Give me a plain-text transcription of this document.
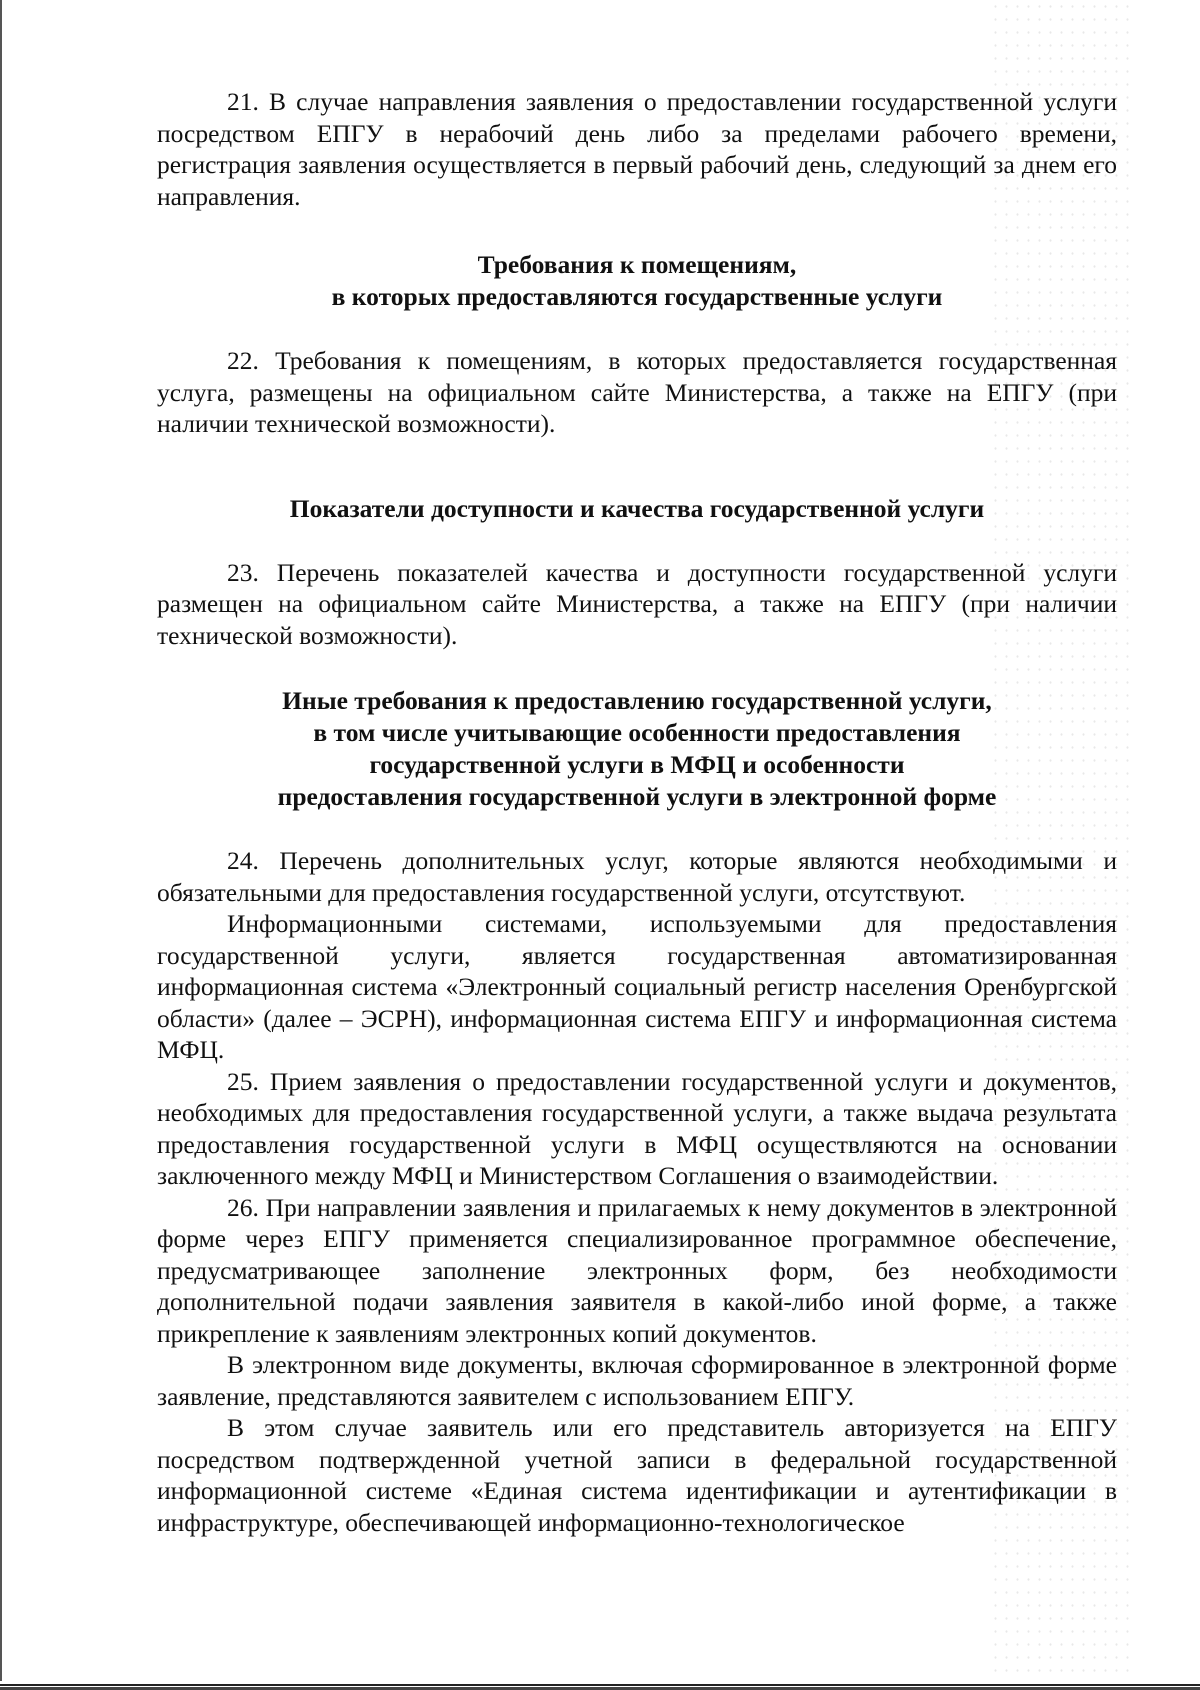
21. В случае направления заявления о предоставлении государственной услуги посредством ЕПГУ в нерабочий день либо за пределами рабочего времени, регистрация заявления осуществляется в первый рабочий день, следующий за днем его направления.

Требования к помещениям,
в которых предоставляются государственные услуги

22. Требования к помещениям, в которых предоставляется государственная услуга, размещены на официальном сайте Министерства, а также на ЕПГУ (при наличии технической возможности).

Показатели доступности и качества государственной услуги

23. Перечень показателей качества и доступности государственной услуги размещен на официальном сайте Министерства, а также на ЕПГУ (при наличии технической возможности).

Иные требования к предоставлению государственной услуги,
в том числе учитывающие особенности предоставления
государственной услуги в МФЦ и особенности
предоставления государственной услуги в электронной форме

24. Перечень дополнительных услуг, которые являются необходимыми и обязательными для предоставления государственной услуги, отсутствуют.

Информационными системами, используемыми для предоставления государственной услуги, является государственная автоматизированная информационная система «Электронный социальный регистр населения Оренбургской области» (далее – ЭСРН), информационная система ЕПГУ и информационная система МФЦ.

25. Прием заявления о предоставлении государственной услуги и документов, необходимых для предоставления государственной услуги, а также выдача результата предоставления государственной услуги в МФЦ осуществляются на основании заключенного между МФЦ и Министерством Соглашения о взаимодействии.

26. При направлении заявления и прилагаемых к нему документов в электронной форме через ЕПГУ применяется специализированное программное обеспечение, предусматривающее заполнение электронных форм, без необходимости дополнительной подачи заявления заявителя в какой-либо иной форме, а также прикрепление к заявлениям электронных копий документов.

В электронном виде документы, включая сформированное в электронной форме заявление, представляются заявителем с использованием ЕПГУ.

В этом случае заявитель или его представитель авторизуется на ЕПГУ посредством подтвержденной учетной записи в федеральной государственной информационной системе «Единая система идентификации и аутентификации в инфраструктуре, обеспечивающей информационно-технологическое
